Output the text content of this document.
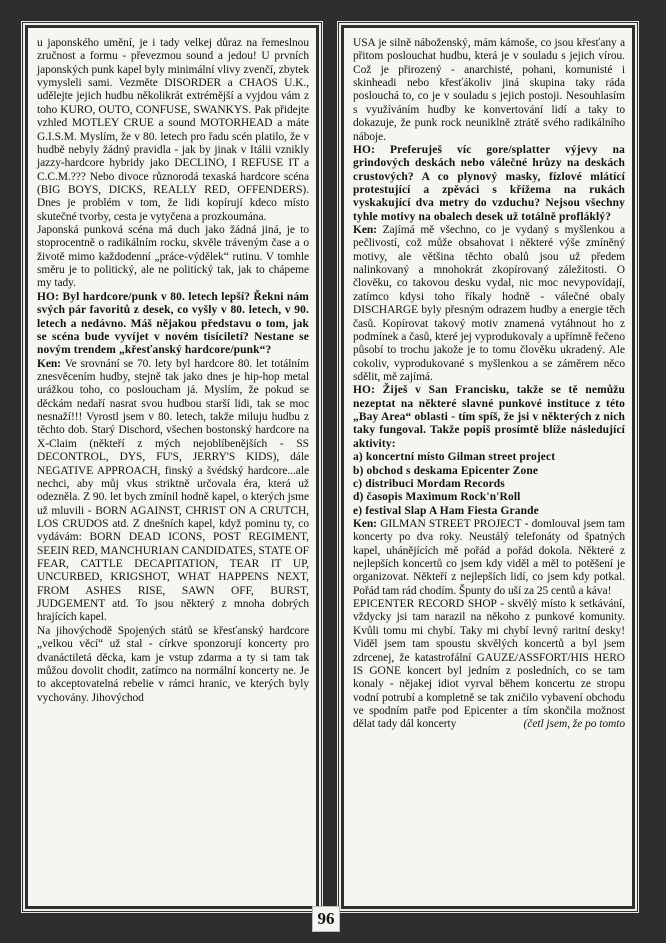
u japonského umění, je i tady velkej důraz na řemeslnou zručnost a formu - převezmou sound a jedou! U prvních japonských punk kapel byly minimální vlivy zvenčí, zbytek vymysleli sami. Vezměte DISORDER a CHAOS U.K., udělejte jejich hudbu několikrát extrémější a vyjdou vám z toho KURO, OUTO, CONFUSE, SWANKYS. Pak přidejte vzhled MOTLEY CRUE a sound MOTORHEAD a máte G.I.S.M. Myslím, že v 80. letech pro řadu scén platilo, že v hudbě nebyly žádný pravidla - jak by jinak v Itálii vznikly jazzy-hardcore hybridy jako DECLINO, I REFUSE IT a C.C.M.??? Nebo divoce různorodá texaská hardcore scéna (BIG BOYS, DICKS, REALLY RED, OFFENDERS). Dnes je problém v tom, že lidi kopírují kdeco místo skutečné tvorby, cesta je vytyčena a prozkoumána.

Japonská punková scéna má duch jako žádná jiná, je to stoprocentně o radikálním rocku, skvěle tráveným čase a o životě mimo každodenní „práce-výdělek“ rutinu. V tomhle směru je to politický, ale ne politický tak, jak to chápeme my tady.

HO: Byl hardcore/punk v 80. letech lepší? Řekni nám svých pár favoritů z desek, co vyšly v 80. letech, v 90. letech a nedávno. Máš nějakou představu o tom, jak se scéna bude vyvíjet v novém tisíciletí? Nestane se novým trendem „křesťanský hardcore/punk“?

Ken: Ve srovnání se 70. lety byl hardcore 80. let totálním znesvěcením hudby, stejně tak jako dnes je hip-hop metal urážkou toho, co posloucham já. Myslím, že pokud se děckám nedaří nasrat svou hudbou starší lidi, tak se moc nesnaží!!! Vyrostl jsem v 80. letech, takže miluju hudbu z těchto dob. Starý Dischord, všechen bostonský hardcore na X-Claim (někteří z mých nejoblíbenějších - SS DECONTROL, DYS, FU'S, JERRY'S KIDS), dále NEGATIVE APPROACH, finský a švédský hardcore...ale nechci, aby můj vkus striktně určovala éra, která už odezněla. Z 90. let bych zmínil hodně kapel, o kterých jsme už mluvili - BORN AGAINST, CHRIST ON A CRUTCH, LOS CRUDOS atd. Z dnešních kapel, když pominu ty, co vydávám: BORN DEAD ICONS, POST REGIMENT, SEEIN RED, MANCHURIAN CANDIDATES, STATE OF FEAR, CATTLE DECAPITATION, TEAR IT UP, UNCURBED, KRIGSHOT, WHAT HAPPENS NEXT, FROM ASHES RISE, SAWN OFF, BURST, JUDGEMENT atd. To jsou některý z mnoha dobrých hrajících kapel.

Na jihovýchodě Spojených států se křesťanský hardcore „velkou věcí“ už stal - církve sponzorují koncerty pro dvanáctiletá děcka, kam je vstup zdarma a ty si tam tak můžou dovolit chodit, zatímco na normální koncerty ne. Je to akceptovatelná rebelie v rámci hranic, ve kterých byly vychovány. Jihovýchod

USA je silně náboženský, mám kámoše, co jsou křesťany a přitom poslouchat hudbu, která je v souladu s jejich vírou. Což je přirozený - anarchisté, pohani, komunisté i skinheadi nebo křesťákoliv jiná skupina taky ráda poslouchá to, co je v souladu s jejich postoji. Nesouhlasím s využíváním hudby ke konvertování lidí a taky to dokazuje, že punk rock neuniklně ztrátě svého radikálního náboje.

HO: Preferuješ víc gore/splatter výjevy na grindových deskách nebo válečné hrůzy na deskách crustových? A co plynový masky, fízlové mlátící protestující a zpěváci s křížema na rukách vyskakující dva metry do vzduchu? Nejsou všechny tyhle motivy na obalech desek už totálně profláklý?

Ken: Zajímá mě všechno, co je vydaný s myšlenkou a pečlivostí, což může obsahovat i některé výše zmíněný motivy, ale většina těchto obalů jsou už předem nalinkovaný a mnohokrát zkopírovaný záležitosti. O člověku, co takovou desku vydal, nic moc nevypovídají, zatímco kdysi toho říkaly hodně - válečné obaly DISCHARGE byly přesným odrazem hudby a energie těch časů. Kopírovat takový motiv znamená vytáhnout ho z podmínek a časů, které jej vyprodukovaly a upřímně řečeno působí to trochu jakože je to tomu člověku ukradený. Ale cokoliv, vyprodukované s myšlenkou a se záměrem něco sdělit, mě zajímá.

HO: Žiješ v San Francisku, takže se tě nemůžu nezeptat na některé slavné punkové instituce z této „Bay Area“ oblasti - tím spíš, že jsi v některých z nich taky fungoval. Takže popiš prosímtě blíže následující aktivity:

a) koncertní místo Gilman street project

b) obchod s deskama Epicenter Zone

c) distribuci Mordam Records

d) časopis Maximum Rock'n'Roll

e) festival Slap A Ham Fiesta Grande

Ken: GILMAN STREET PROJECT - domlouval jsem tam koncerty po dva roky. Neustálý telefonáty od špatných kapel, uhánějících mě pořád a pořád dokola. Některé z nejlepších koncertů co jsem kdy viděl a měl to potěšení je organizovat. Někteří z nejlepších lidí, co jsem kdy potkal. Pořád tam rád chodím. Špunty do uší za 25 centů a káva!

EPICENTER RECORD SHOP - skvělý místo k setkávání, vždycky jsi tam narazil na někoho z punkové komunity. Kvůli tomu mi chybí. Taky mi chybí levný raritní desky! Viděl jsem tam spoustu skvělých koncertů a byl jsem zdrcenej, že katastrofální GAUZE/ASSFORT/HIS HERO IS GONE koncert byl jedním z posledních, co se tam konaly - nějakej idiot vyrval během koncertu ze stropu vodní potrubí a kompletně se tak zničilo vybavení obchodu ve spodním patře pod Epicenter a tím skončila možnost dělat tady dál koncerty	(četl jsem, že po tomto

96
